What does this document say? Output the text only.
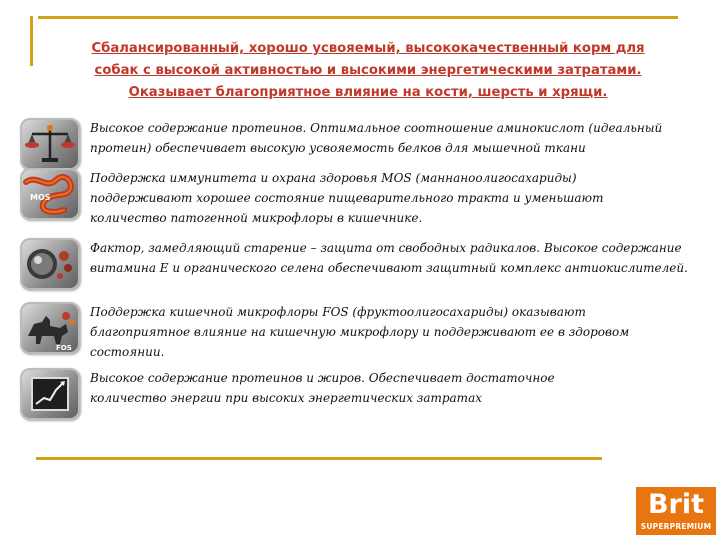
Сбалансированный, хорошо усвояемый, высококачественный корм для
собак с высокой активностью и высокими энергетическими затратами.
Оказывает благоприятное влияние на кости, шерсть и хрящи.
Высокое содержание протеинов. Оптимальное соотношение аминокислот (идеальный
протеин) обеспечивает высокую усвояемость белков для мышечной ткани
MOS
Поддержка иммунитета и охрана здоровья MOS (маннаноолигосахариды)
поддерживают хорошее состояние пищеварительного тракта и уменьшают
количество патогенной микрофлоры в кишечнике.
Фактор, замедляющий старение – защита от свободных радикалов. Высокое содержание
витамина Е и органического селена обеспечивают защитный комплекс антиокислителей.
FOS
Поддержка кишечной микрофлоры FOS (фруктоолигосахариды) оказывают
благоприятное влияние на кишечную микрофлору и поддерживают ее в здоровом
состоянии.
Высокое содержание протеинов и жиров. Обеспечивает достаточное
количество энергии при высоких энергетических затратах
Brit
SUPERPREMIUM
